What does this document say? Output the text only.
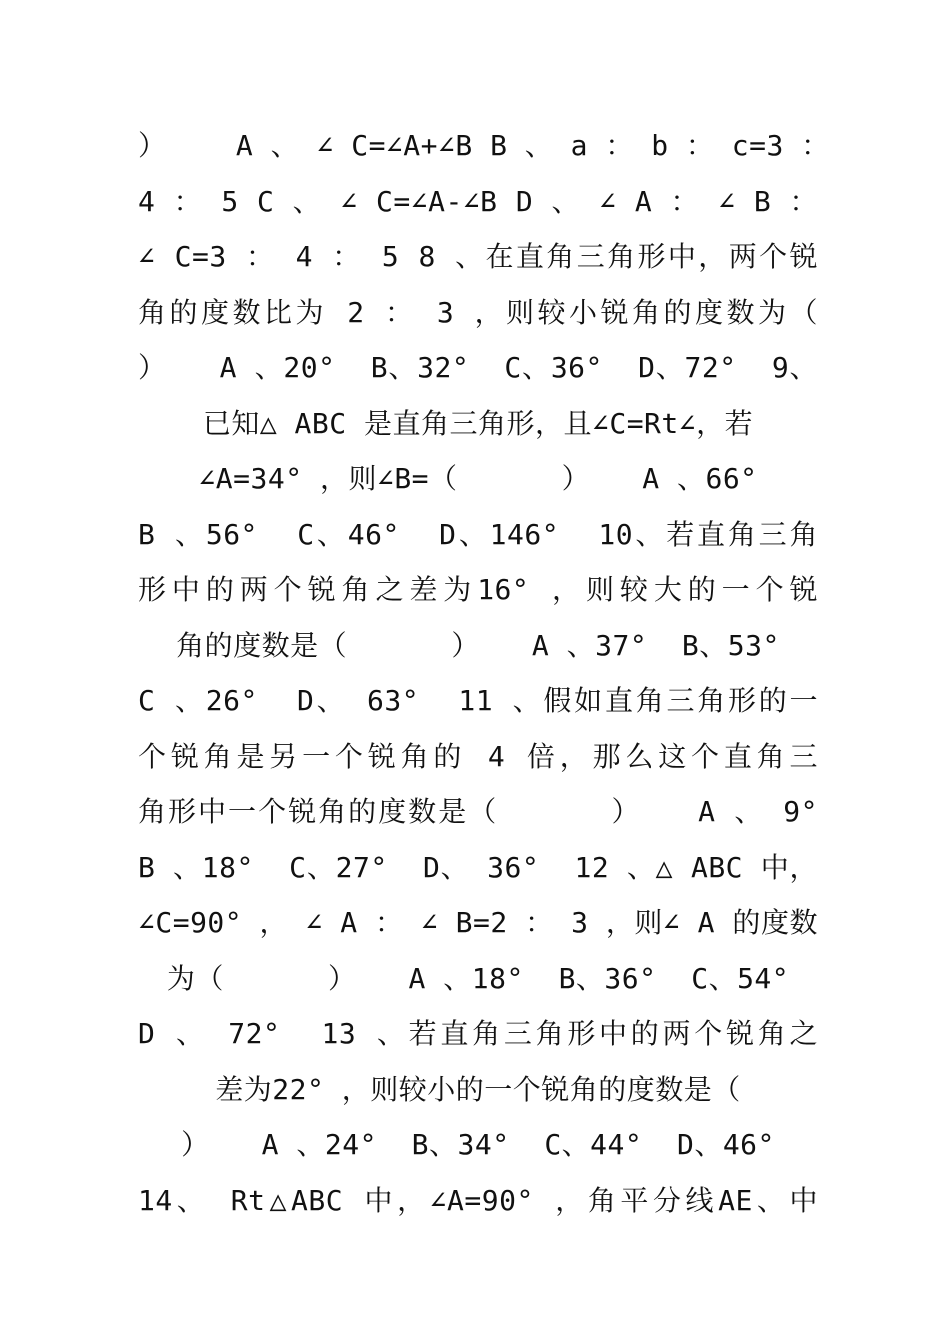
）    A 、 ∠ C=∠A+∠B B 、 a ： b ： c=3 ：
4 ： 5 C 、 ∠ C=∠A-∠B D 、 ∠ A ： ∠ B ：
∠ C=3 ： 4 ： 5 8 、在直角三角形中，两个锐
角的度数比为 2 ： 3 ，则较小锐角的度数为（
）   A 、20°  B、32°  C、36°  D、72°  9、
已知△ ABC 是直角三角形，且∠C=Rt∠，若
∠A=34° ，则∠B=（      ）   A 、66°
B 、56°  C、46°  D、146°  10、若直角三角
形中的两个锐角之差为16° ，则较大的一个锐
角的度数是（      ）   A 、37°  B、53°
C 、26°  D、 63°  11 、假如直角三角形的一
个锐角是另一个锐角的 4 倍，那么这个直角三
角形中一个锐角的度数是（      ）   A 、 9°
B 、18°  C、27°  D、 36°  12 、△ ABC 中，
∠C=90° ， ∠ A ： ∠ B=2 ： 3 ，则∠ A 的度数
为（      ）   A 、18°  B、36°  C、54°
D 、 72°  13 、若直角三角形中的两个锐角之
差为22° ，则较小的一个锐角的度数是（
）   A 、24°  B、34°  C、44°  D、46°
14、 Rt△ABC 中，∠A=90° ，角平分线AE、中
